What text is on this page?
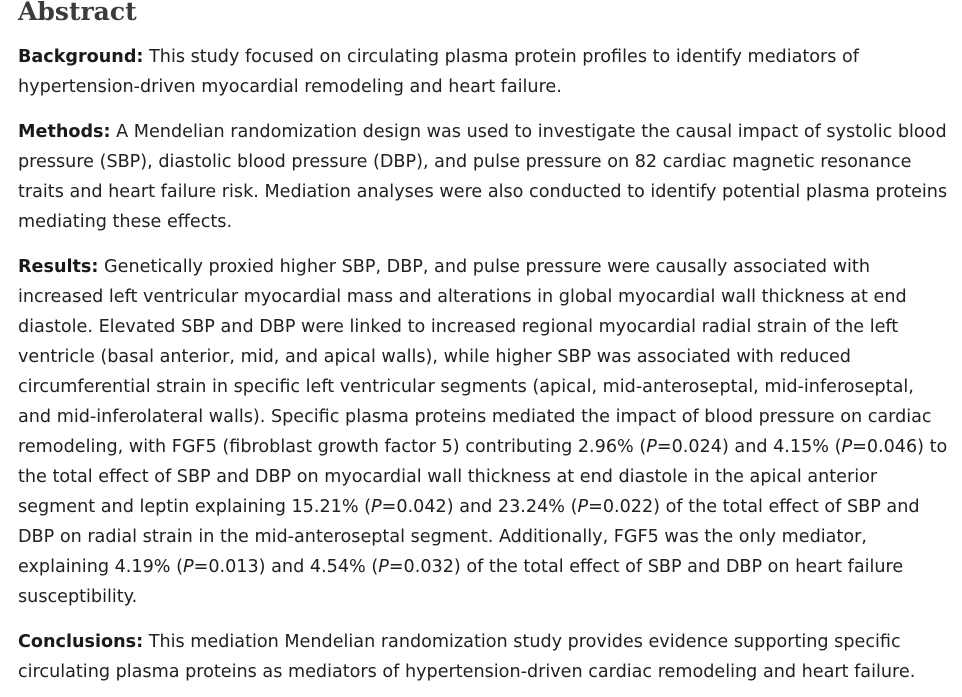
Abstract

Background: This study focused on circulating plasma protein profiles to identify mediators of hypertension-driven myocardial remodeling and heart failure.

Methods: A Mendelian randomization design was used to investigate the causal impact of systolic blood pressure (SBP), diastolic blood pressure (DBP), and pulse pressure on 82 cardiac magnetic resonance traits and heart failure risk. Mediation analyses were also conducted to identify potential plasma proteins mediating these effects.

Results: Genetically proxied higher SBP, DBP, and pulse pressure were causally associated with increased left ventricular myocardial mass and alterations in global myocardial wall thickness at end diastole. Elevated SBP and DBP were linked to increased regional myocardial radial strain of the left ventricle (basal anterior, mid, and apical walls), while higher SBP was associated with reduced circumferential strain in specific left ventricular segments (apical, mid-anteroseptal, mid-inferoseptal, and mid-inferolateral walls). Specific plasma proteins mediated the impact of blood pressure on cardiac remodeling, with FGF5 (fibroblast growth factor 5) contributing 2.96% (P=0.024) and 4.15% (P=0.046) to the total effect of SBP and DBP on myocardial wall thickness at end diastole in the apical anterior segment and leptin explaining 15.21% (P=0.042) and 23.24% (P=0.022) of the total effect of SBP and DBP on radial strain in the mid-anteroseptal segment. Additionally, FGF5 was the only mediator, explaining 4.19% (P=0.013) and 4.54% (P=0.032) of the total effect of SBP and DBP on heart failure susceptibility.

Conclusions: This mediation Mendelian randomization study provides evidence supporting specific circulating plasma proteins as mediators of hypertension-driven cardiac remodeling and heart failure.
